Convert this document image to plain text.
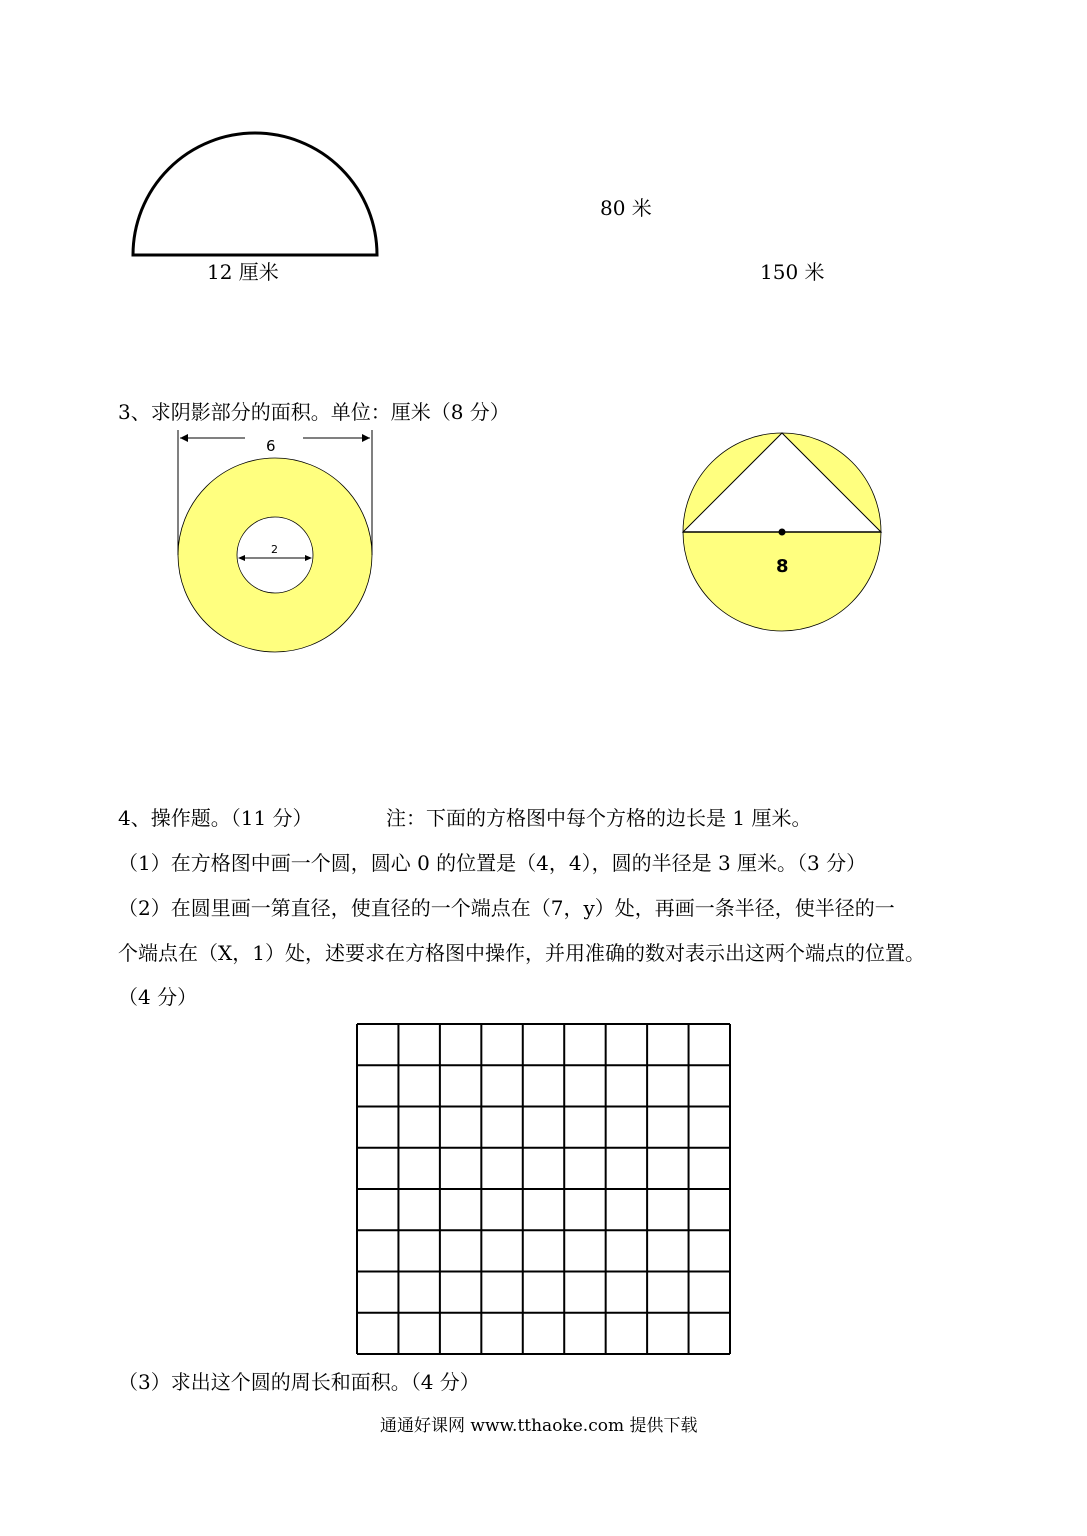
12 厘米
80 米
150 米
3、求阴影部分的面积。单位：厘米（8 分）
6
2
8
4、操作题。（11 分）	注：下面的方格图中每个方格的边长是 1 厘米。
（1）在方格图中画一个圆，圆心 0 的位置是（4，4），圆的半径是 3 厘米。（3 分）
（2）在圆里画一第直径，使直径的一个端点在（7，y）处，再画一条半径，使半径的一
个端点在（X，1）处，述要求在方格图中操作，并用准确的数对表示出这两个端点的位置。
（4 分）
（3）求出这个圆的周长和面积。（4 分）
通通好课网 www.tthaoke.com 提供下载
